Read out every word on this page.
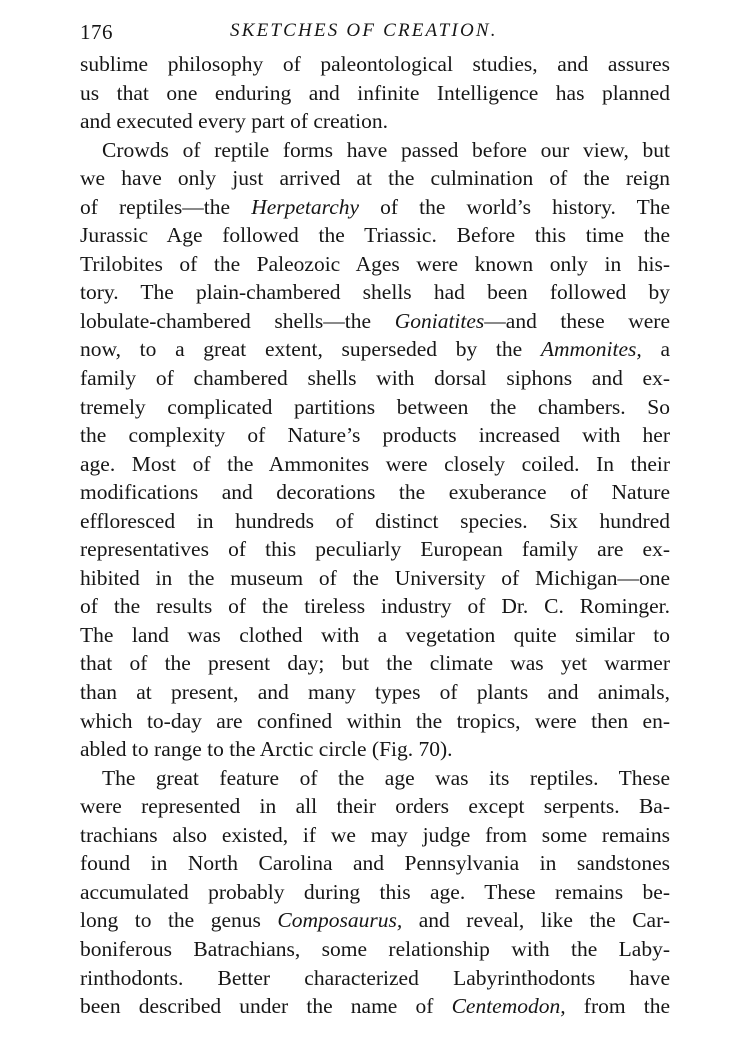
176	SKETCHES OF CREATION.
sublime philosophy of paleontological studies, and assures
us that one enduring and infinite Intelligence has planned
and executed every part of creation.
Crowds of reptile forms have passed before our view, but
we have only just arrived at the culmination of the reign
of reptiles—the Herpetarchy of the world’s history. The
Jurassic Age followed the Triassic. Before this time the
Trilobites of the Paleozoic Ages were known only in his-
tory. The plain-chambered shells had been followed by
lobulate-chambered shells—the Goniatites—and these were
now, to a great extent, superseded by the Ammonites, a
family of chambered shells with dorsal siphons and ex-
tremely complicated partitions between the chambers. So
the complexity of Nature’s products increased with her
age. Most of the Ammonites were closely coiled. In their
modifications and decorations the exuberance of Nature
effloresced in hundreds of distinct species. Six hundred
representatives of this peculiarly European family are ex-
hibited in the museum of the University of Michigan—one
of the results of the tireless industry of Dr. C. Rominger.
The land was clothed with a vegetation quite similar to
that of the present day; but the climate was yet warmer
than at present, and many types of plants and animals,
which to-day are confined within the tropics, were then en-
abled to range to the Arctic circle (Fig. 70).
The great feature of the age was its reptiles. These
were represented in all their orders except serpents. Ba-
trachians also existed, if we may judge from some remains
found in North Carolina and Pennsylvania in sandstones
accumulated probably during this age. These remains be-
long to the genus Composaurus, and reveal, like the Car-
boniferous Batrachians, some relationship with the Laby-
rinthodonts. Better characterized Labyrinthodonts have
been described under the name of Centemodon, from the
